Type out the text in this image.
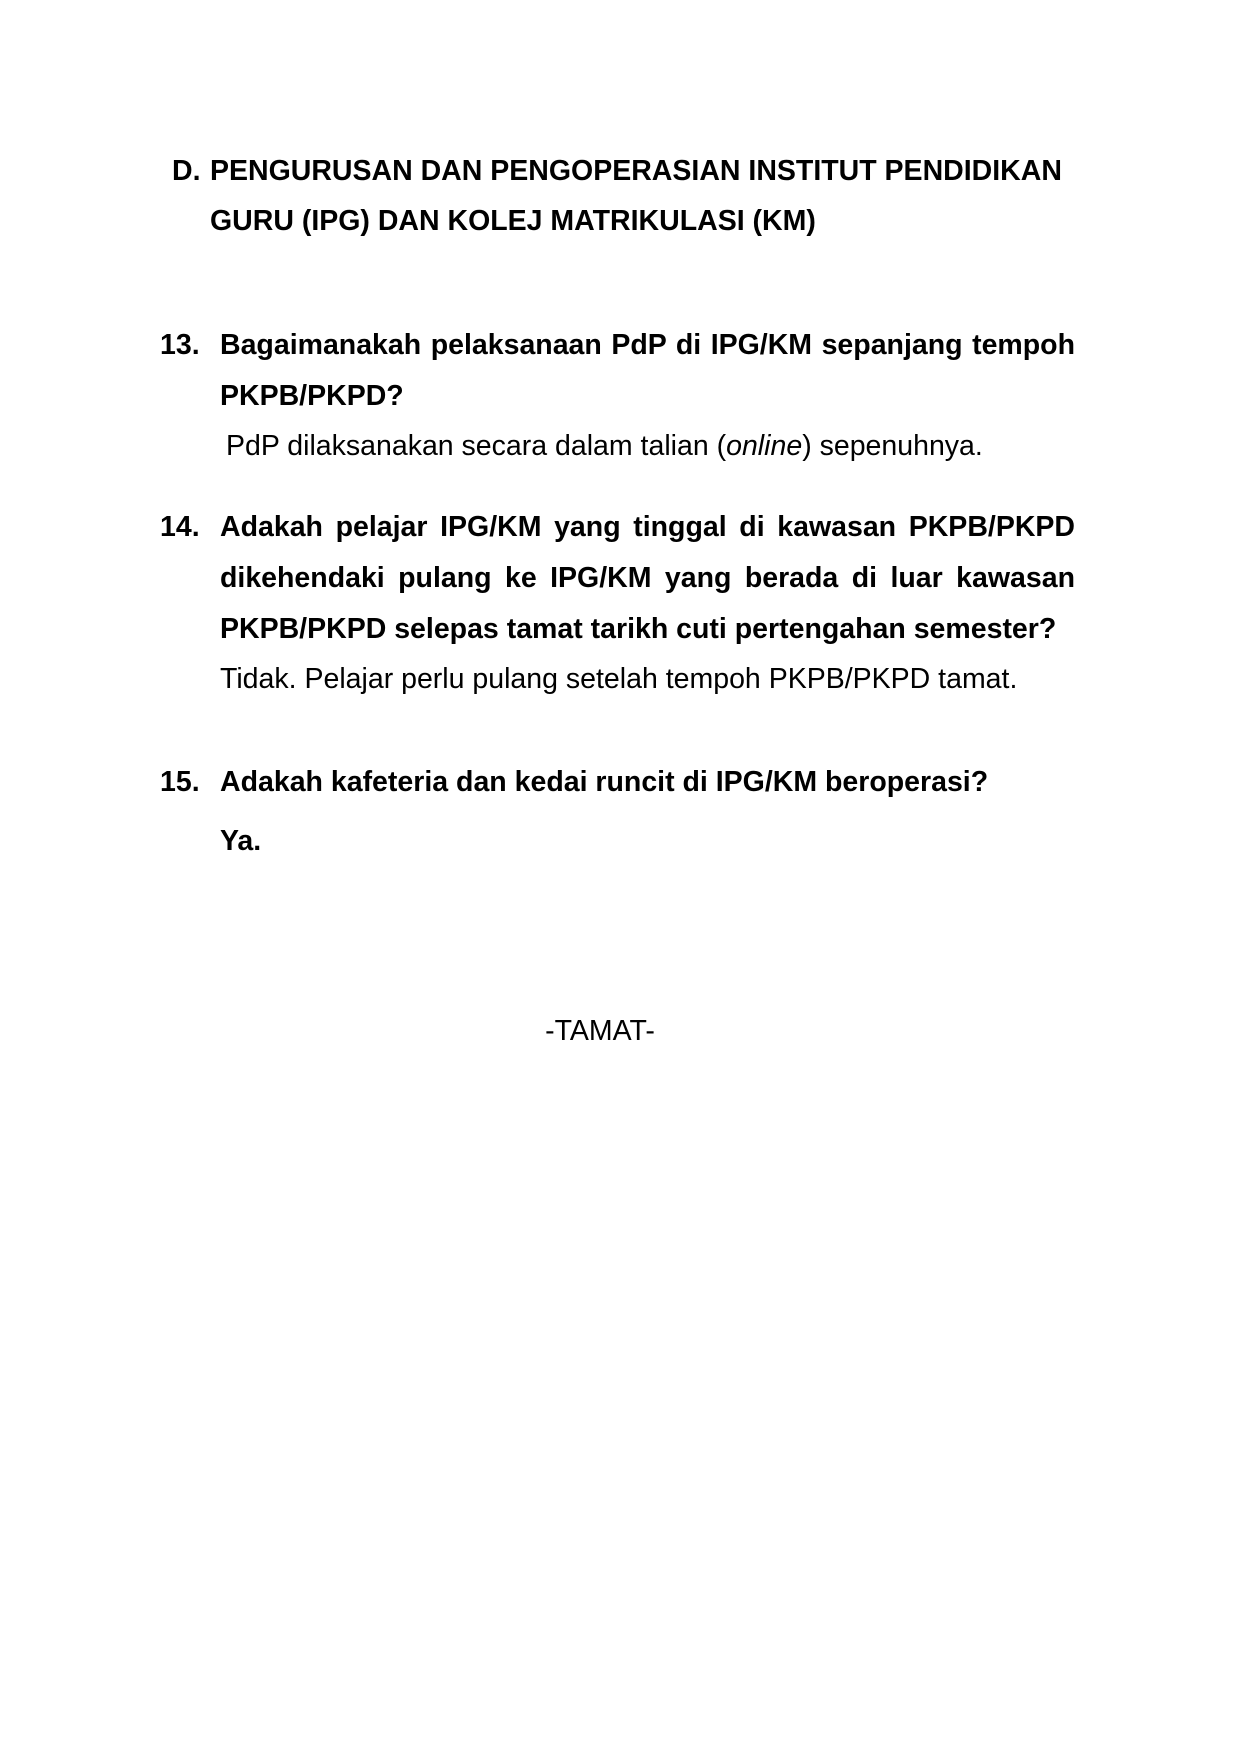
D. PENGURUSAN DAN PENGOPERASIAN INSTITUT PENDIDIKAN GURU (IPG) DAN KOLEJ MATRIKULASI (KM)
13. Bagaimanakah pelaksanaan PdP di IPG/KM sepanjang tempoh PKPB/PKPD?
PdP dilaksanakan secara dalam talian (online) sepenuhnya.
14. Adakah pelajar IPG/KM yang tinggal di kawasan PKPB/PKPD dikehendaki pulang ke IPG/KM yang berada di luar kawasan PKPB/PKPD selepas tamat tarikh cuti pertengahan semester?
Tidak. Pelajar perlu pulang setelah tempoh PKPB/PKPD tamat.
15. Adakah kafeteria dan kedai runcit di IPG/KM beroperasi?
Ya.
-TAMAT-
